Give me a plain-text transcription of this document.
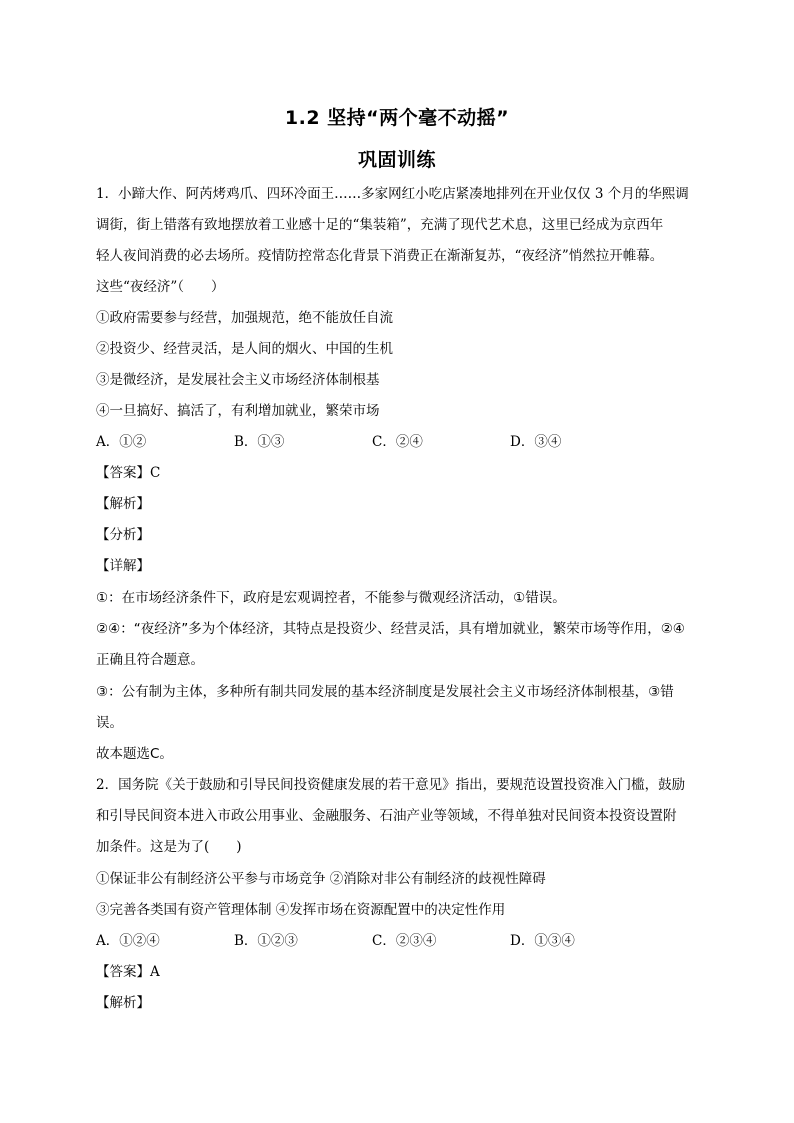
1.2 坚持“两个毫不动摇”
巩固训练
1．小蹄大作、阿芮烤鸡爪、四环冷面王……多家网红小吃店紧凑地排列在开业仅仅 3 个月的华熙调
调街，街上错落有致地摆放着工业感十足的“集装箱”，充满了现代艺术息，这里已经成为京西年
轻人夜间消费的必去场所。疫情防控常态化背景下消费正在渐渐复苏，“夜经济”悄然拉开帷幕。
这些“夜经济”（　　）
①政府需要参与经营，加强规范，绝不能放任自流
②投资少、经营灵活，是人间的烟火、中国的生机
③是微经济，是发展社会主义市场经济体制根基
④一旦搞好、搞活了，有利增加就业，繁荣市场
A．①②	B．①③	C．②④	D．③④
【答案】C
【解析】
【分析】
【详解】
①：在市场经济条件下，政府是宏观调控者，不能参与微观经济活动，①错误。
②④：“夜经济”多为个体经济，其特点是投资少、经营灵活，具有增加就业，繁荣市场等作用，②④
正确且符合题意。
③：公有制为主体，多种所有制共同发展的基本经济制度是发展社会主义市场经济体制根基，③错
误。
故本题选C。
2．国务院《关于鼓励和引导民间投资健康发展的若干意见》指出，要规范设置投资准入门槛，鼓励
和引导民间资本进入市政公用事业、金融服务、石油产业等领域，不得单独对民间资本投资设置附
加条件。这是为了(　　)
①保证非公有制经济公平参与市场竞争 ②消除对非公有制经济的歧视性障碍
③完善各类国有资产管理体制 ④发挥市场在资源配置中的决定性作用
A．①②④	B．①②③	C．②③④	D．①③④
【答案】A
【解析】
